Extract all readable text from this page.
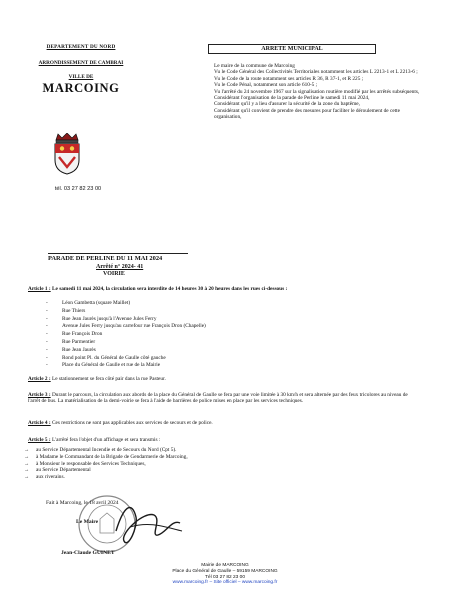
DEPARTEMENT DU NORD
ARRONDISSEMENT DE CAMBRAI
VILLE DE
MARCOING
tél. 03 27 82 23 00
ARRETE MUNICIPAL

Le maire de la commune de Marcoing

Vu le Code Général des Collectivités Territoriales notamment les articles L 2213-1 et L 2213-6 ;

Vu le Code de la route notamment ses articles R 36, R 37-1, et R 225 ;

Vu le Code Pénal, notamment son article 610-5 ;

Vu l'arrêté du 24 novembre 1967 sur la signalisation routière modifié par les arrêtés subséquents,

Considérant l'organisation de la parade de Perline le samedi 11 mai 2024,

Considérant qu'il y a lieu d'assurer la sécurité de la zone du baptême,

Considérant qu'il convient de prendre des mesures pour faciliter le déroulement de cette organisation,

PARADE DE PERLINE DU 11 MAI 2024
Arrêté n° 2024- 41
VOIRIE

Article 1 : Le samedi 11 mai 2024, la circulation sera interdite de 14 heures 30 à 20 heures dans les rues ci-dessous :

- Léon Gambetta (square Maillet)
- Rue Thiers
- Rue Jean Jaurès jusqu'à l'Avenue Jules Ferry
- Avenue Jules Ferry jusqu'au carrefour rue François Dron (Chapelle)
- Rue François Dron
- Rue Parmentier
- Rue Jean Jaurès
- Rond point Pl. du Général de Gaulle côté gauche
- Place du Général de Gaulle et rue de la Mairie

Article 2 : Le stationnement se fera côté pair dans la rue Pasteur.

Article 3 : Durant le parcours, la circulation aux abords de la place du Général de Gaulle se fera par une voie limitée à 30 km/h et sera alternée par des feux tricolores au niveau de l'arrêt de bus. La matérialisation de la demi-voirie se fera à l'aide de barrières de police mises en place par les services techniques.

Article 4 : Ces restrictions ne sont pas applicables aux services de secours et de police.

Article 5 : L'arrêté fera l'objet d'un affichage et sera transmis :

→ au Service Départemental Incendie et de Secours du Nord (Cpt 5).
→ à Madame le Commandant de la Brigade de Gendarmerie de Marcoing,
→ à Monsieur le responsable des Services Techniques,
→ au Service Départemental
→ aux riverains.
Fait à Marcoing, le 18 avril 2024
Le Maire
Jean-Claude GUINET
Mairie de MARCOING
Place du Général de Gaulle – 59159 MARCOING
Tél 03 27 82 23 00
www.marcoing.fr – Site officiel – www.marcoing.fr
